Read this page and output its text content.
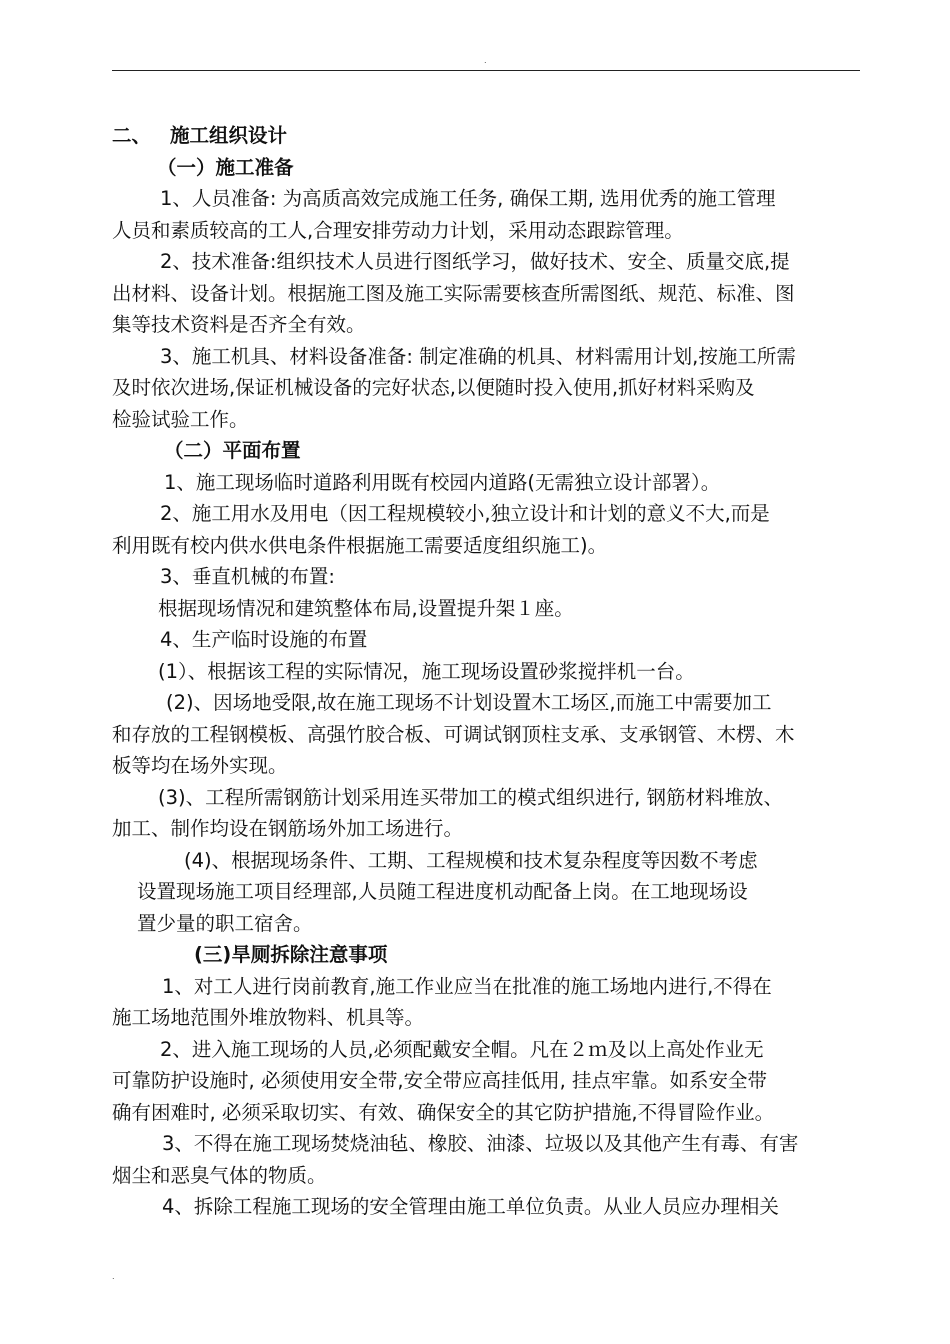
.
二、 施工组织设计
（一）施工准备
1、人员准备: 为高质高效完成施工任务, 确保工期, 选用优秀的施工管理
人员和素质较高的工人,合理安排劳动力计划，采用动态跟踪管理。
2、技术准备:组织技术人员进行图纸学习，做好技术、安全、质量交底,提
出材料、设备计划。根据施工图及施工实际需要核查所需图纸、规范、标准、图
集等技术资料是否齐全有效。
3、施工机具、材料设备准备: 制定准确的机具、材料需用计划,按施工所需
及时依次进场,保证机械设备的完好状态,以便随时投入使用,抓好材料采购及
检验试验工作。
（二）平面布置
1、施工现场临时道路利用既有校园内道路(无需独立设计部署）。
2、施工用水及用电（因工程规模较小,独立设计和计划的意义不大,而是
利用既有校内供水供电条件根据施工需要适度组织施工)。
3、垂直机械的布置:
根据现场情况和建筑整体布局,设置提升架１座。
4、生产临时设施的布置
(1）、根据该工程的实际情况，施工现场设置砂浆搅拌机一台。
(2)、因场地受限,故在施工现场不计划设置木工场区,而施工中需要加工
和存放的工程钢模板、高强竹胶合板、可调试钢顶柱支承、支承钢管、木楞、木
板等均在场外实现。
(3)、工程所需钢筋计划采用连买带加工的模式组织进行, 钢筋材料堆放、
加工、制作均设在钢筋场外加工场进行。
(4)、根据现场条件、工期、工程规模和技术复杂程度等因数不考虑
设置现场施工项目经理部,人员随工程进度机动配备上岗。在工地现场设
置少量的职工宿舍。
(三)旱厕拆除注意事项
1、对工人进行岗前教育,施工作业应当在批准的施工场地内进行,不得在
施工场地范围外堆放物料、机具等。
2、进入施工现场的人员,必须配戴安全帽。凡在２ｍ及以上高处作业无
可靠防护设施时, 必须使用安全带,安全带应高挂低用, 挂点牢靠。如系安全带
确有困难时, 必须采取切实、有效、确保安全的其它防护措施,不得冒险作业。
3、不得在施工现场焚烧油毡、橡胶、油漆、垃圾以及其他产生有毒、有害
烟尘和恶臭气体的物质。
4、拆除工程施工现场的安全管理由施工单位负责。从业人员应办理相关
.
